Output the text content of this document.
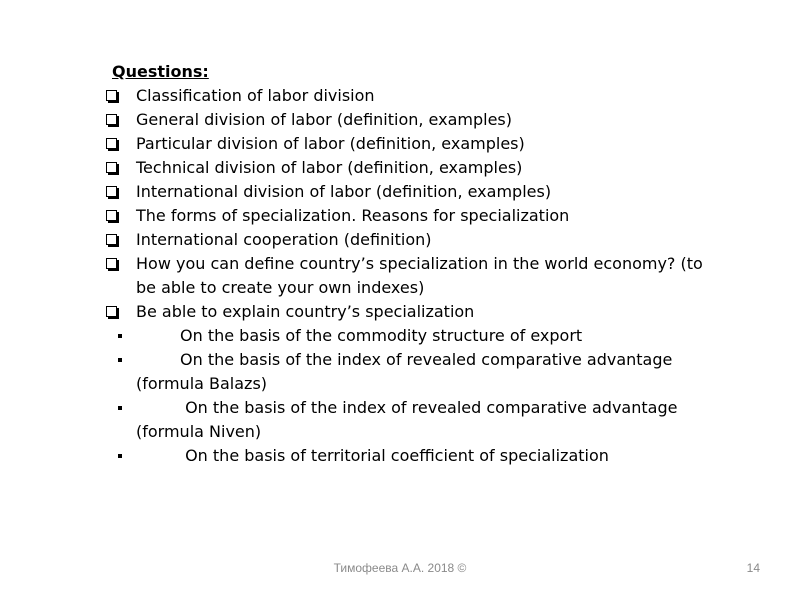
Questions:
Classification of labor division
General division of labor (definition, examples)
Particular division of labor (definition, examples)
Technical division of labor (definition, examples)
International division of labor (definition, examples)
The forms of specialization. Reasons for specialization
International cooperation (definition)
How you can define country’s specialization in the world economy? (to be able to create your own indexes)
Be able to explain country’s specialization
On the basis of the commodity structure of export
On the basis of the index of revealed comparative advantage (formula Balazs)
On the basis of the index of revealed comparative advantage (formula Niven)
On the basis of territorial coefficient of specialization
Тимофеева А.А. 2018 ©	14
